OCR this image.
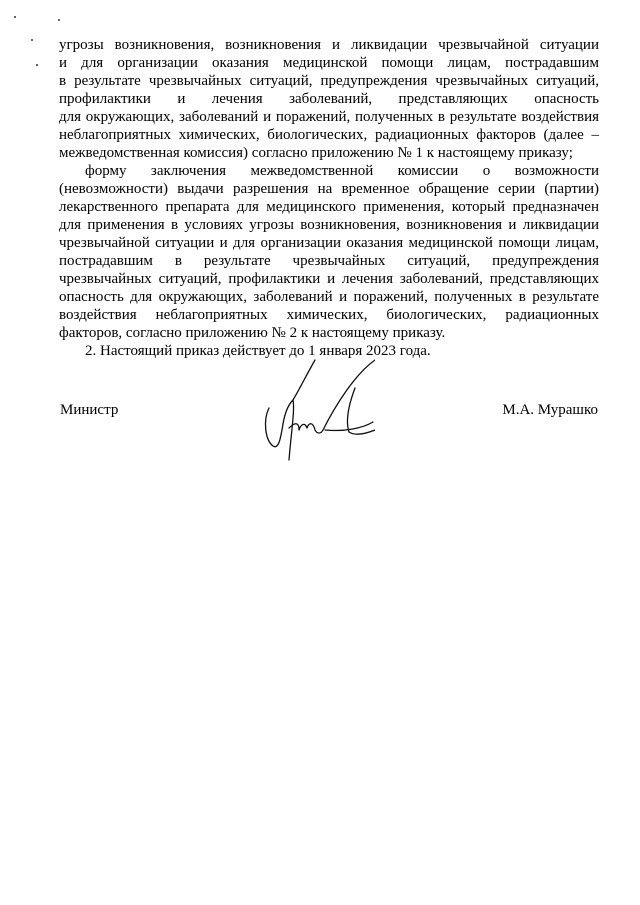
угрозы возникновения, возникновения и ликвидации чрезвычайной ситуации
и для организации оказания медицинской помощи лицам, пострадавшим
в результате чрезвычайных ситуаций, предупреждения чрезвычайных ситуаций,
профилактики и лечения заболеваний, представляющих опасность
для окружающих, заболеваний и поражений, полученных в результате воздействия
неблагоприятных химических, биологических, радиационных факторов (далее –
межведомственная комиссия) согласно приложению № 1 к настоящему приказу;
форму заключения межведомственной комиссии о возможности
(невозможности) выдачи разрешения на временное обращение серии (партии)
лекарственного препарата для медицинского применения, который предназначен
для применения в условиях угрозы возникновения, возникновения и ликвидации
чрезвычайной ситуации и для организации оказания медицинской помощи лицам,
пострадавшим в результате чрезвычайных ситуаций, предупреждения
чрезвычайных ситуаций, профилактики и лечения заболеваний, представляющих
опасность для окружающих, заболеваний и поражений, полученных в результате
воздействия неблагоприятных химических, биологических, радиационных
факторов, согласно приложению № 2 к настоящему приказу.
2. Настоящий приказ действует до 1 января 2023 года.
Министр	М.А. Мурашко
